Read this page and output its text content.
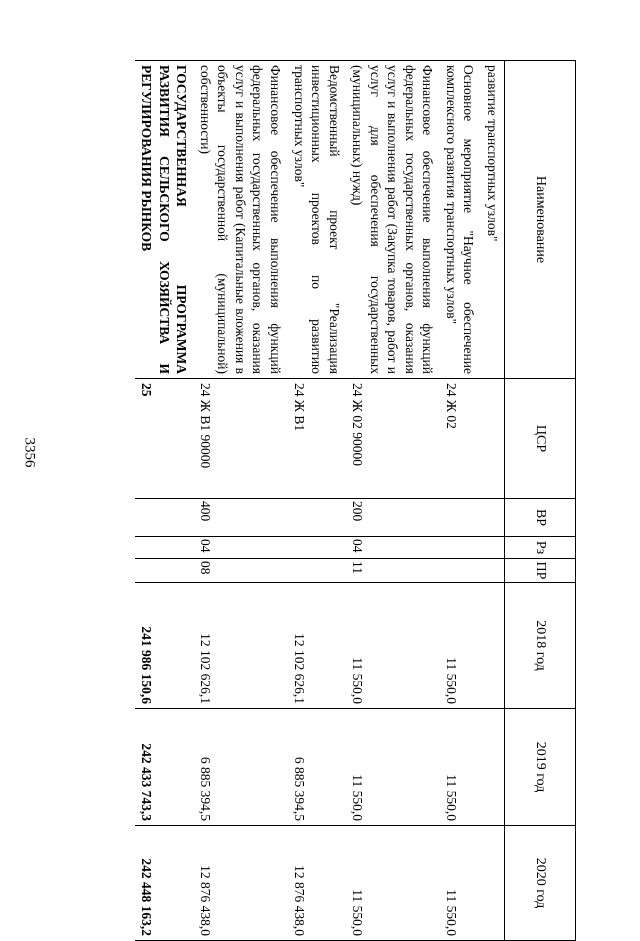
3356
Наименование	ЦСР	ВР	Рз	ПР	2018 год	2019 год	2020 год
развитие транспортных узлов"							
Основное мероприятие "Научное обеспечение комплексного развития транспортных узлов"	24 Ж 02				11 550,0	11 550,0	11 550,0
Финансовое обеспечение выполнения функций федеральных государственных органов, оказания услуг и выполнения работ (Закупка товаров, работ и услуг для обеспечения государственных (муниципальных) нужд)	24 Ж 02 90000	200	04	11	11 550,0	11 550,0	11 550,0
Ведомственный проект "Реализация инвестиционных проектов по развитию транспортных узлов"	24 Ж В1				12 102 626,1	6 885 394,5	12 876 438,0
Финансовое обеспечение выполнения функций федеральных государственных органов, оказания услуг и выполнения работ (Капитальные вложения в объекты государственной (муниципальной) собственности)	24 Ж В1 90000	400	04	08	12 102 626,1	6 885 394,5	12 876 438,0
ГОСУДАРСТВЕННАЯ ПРОГРАММА РАЗВИТИЯ СЕЛЬСКОГО ХОЗЯЙСТВА И РЕГУЛИРОВАНИЯ РЫНКОВ	25				241 986 150,6	242 433 743,3	242 448 163,2
